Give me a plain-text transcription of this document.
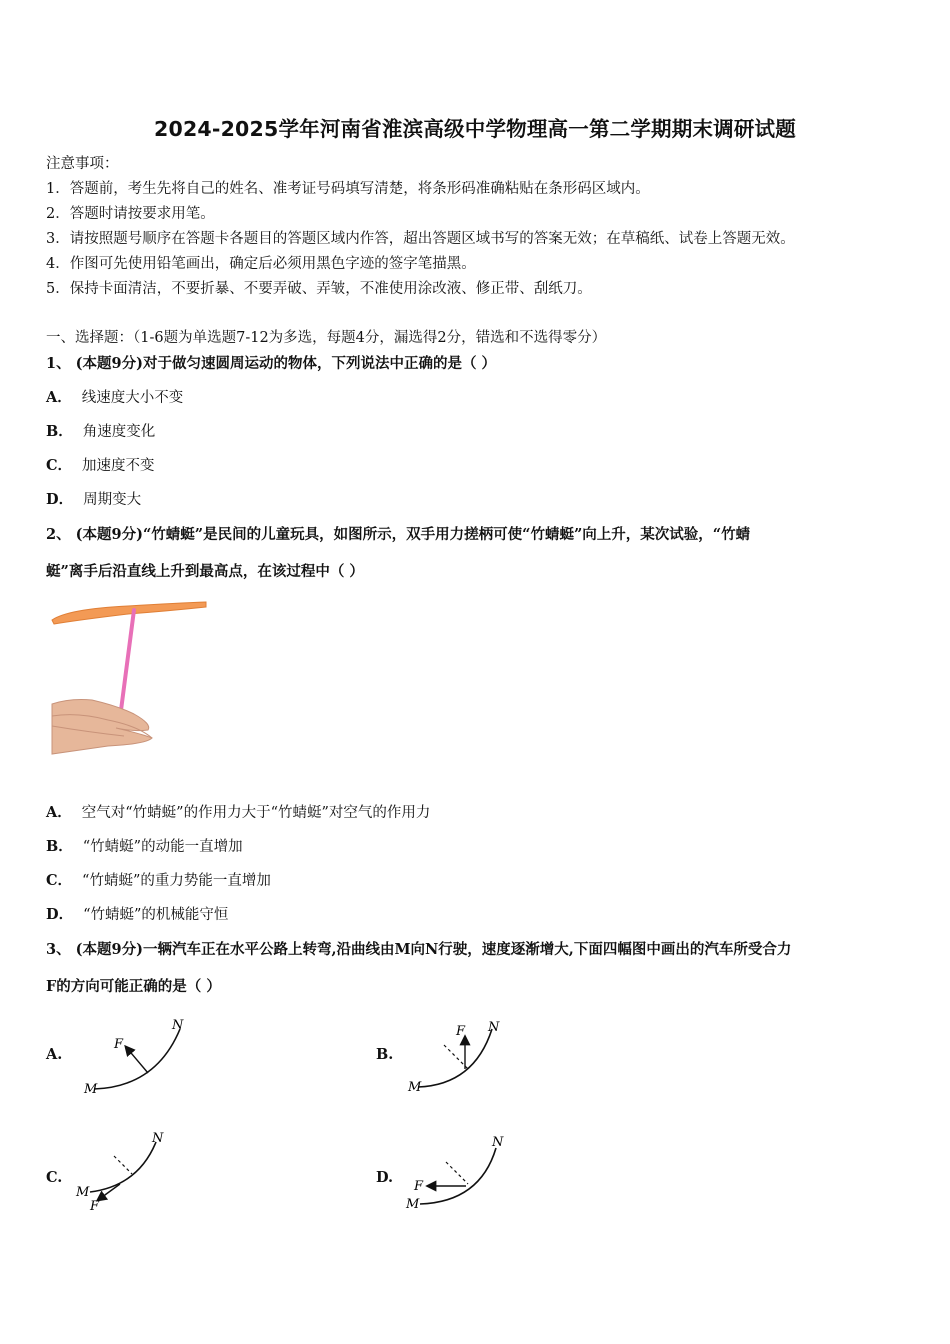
2024-2025学年河南省淮滨高级中学物理高一第二学期期末调研试题
注意事项：
1．答题前，考生先将自己的姓名、准考证号码填写清楚，将条形码准确粘贴在条形码区域内。
2．答题时请按要求用笔。
3．请按照题号顺序在答题卡各题目的答题区域内作答，超出答题区域书写的答案无效；在草稿纸、试卷上答题无效。
4．作图可先使用铅笔画出，确定后必须用黑色字迹的签字笔描黑。
5．保持卡面清洁，不要折暴、不要弄破、弄皱，不准使用涂改液、修正带、刮纸刀。
一、选择题：（1-6题为单选题7-12为多选，每题4分，漏选得2分，错选和不选得零分）
1、 (本题9分)对于做匀速圆周运动的物体，下列说法中正确的是（ ）
A． 线速度大小不变
B． 角速度变化
C． 加速度不变
D． 周期变大
2、 (本题9分)“竹蜻蜓”是民间的儿童玩具，如图所示，双手用力搓柄可使“竹蜻蜓”向上升，某次试验，“竹蜻
蜓”离手后沿直线上升到最高点，在该过程中（ ）
A． 空气对“竹蜻蜓”的作用力大于“竹蜻蜓”对空气的作用力
B． “竹蜻蜓”的动能一直增加
C． “竹蜻蜓”的重力势能一直增加
D． “竹蜻蜓”的机械能守恒
3、 (本题9分)一辆汽车正在水平公路上转弯,沿曲线由M向N行驶，速度逐渐增大,下面四幅图中画出的汽车所受合力
F的方向可能正确的是（ ）
A.
M
N
F
B.
M
N
F
C.
M
N
F
D.
M
N
F
